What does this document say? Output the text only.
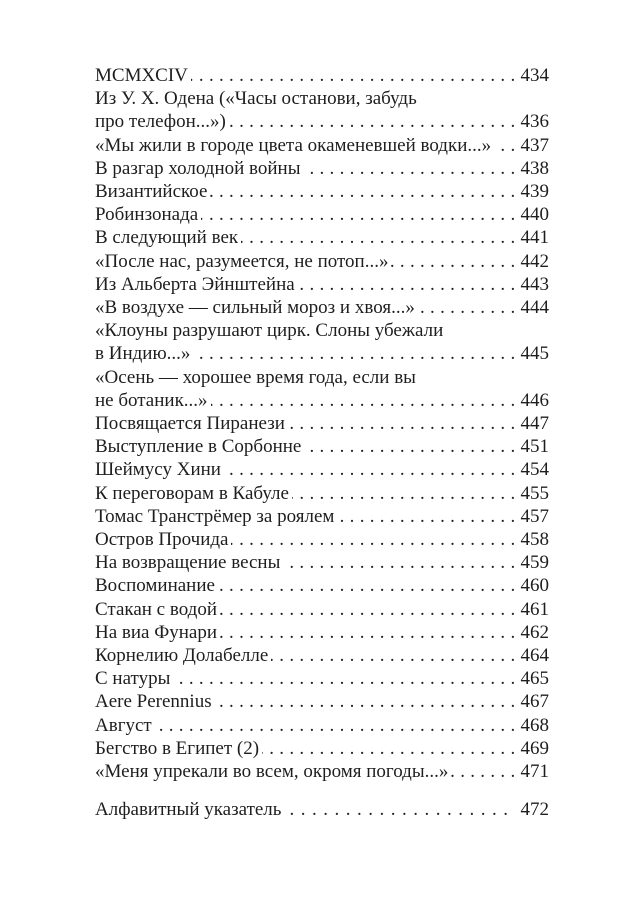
MCMXCIV .....	434
Из У. Х. Одена («Часы останови, забудь
про телефон...») .....	436
«Мы жили в городе цвета окаменевшей водки...» ..... 437
В разгар холодной войны .....	438
Византийское .....	439
Робинзонада .....	440
В следующий век .....	441
«После нас, разумеется, не потоп...» .....	442
Из Альберта Эйнштейна .....	443
«В воздухе — сильный мороз и хвоя...» .....	444
«Клоуны разрушают цирк. Слоны убежали
в Индию...» .....	445
«Осень — хорошее время года, если вы
не ботаник...» .....	446
Посвящается Пиранези .....	447
Выступление в Сорбонне .....	451
Шеймусу Хини .....	454
К переговорам в Кабуле .....	455
Томас Транстрёмер за роялем .....	457
Остров Прочида .....	458
На возвращение весны .....	459
Воспоминание .....	460
Стакан с водой .....	461
На виа Фунари .....	462
Корнелию Долабелле .....	464
С натуры .....	465
Aere Perennius .....	467
Август .....	468
Бегство в Египет (2) .....	469
«Меня упрекали во всем, окромя погоды...» .....	471
Алфавитный указатель .....	472
